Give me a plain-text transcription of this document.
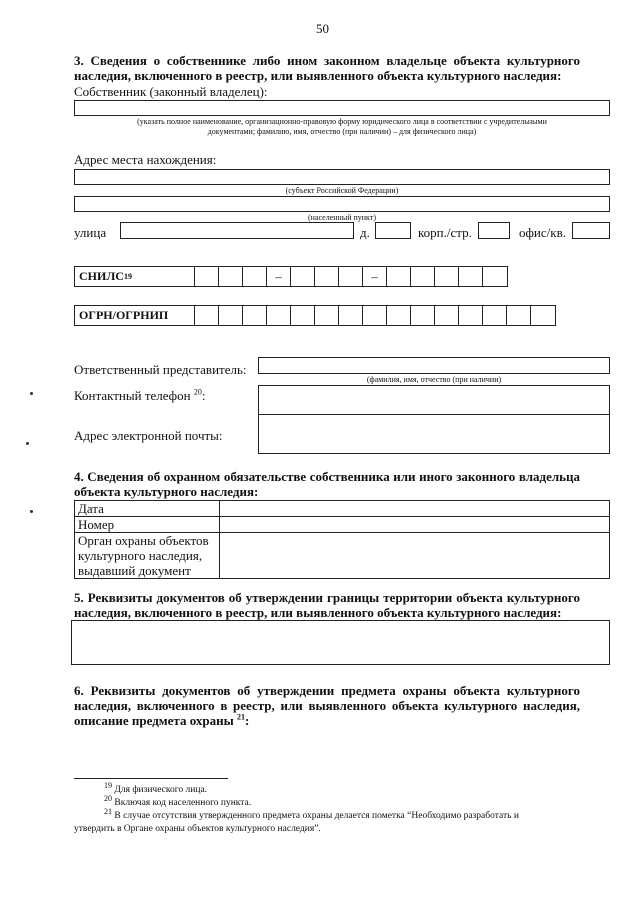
50
3. Сведения о собственнике либо ином законном владельце объекта культурного наследия, включенного в реестр, или выявленного объекта культурного наследия:
Собственник (законный владелец):
(указать полное наименование, организационно-правовую форму юридического лица в соответствии с учредительными
документами; фамилию, имя, отчество (при наличии) – для физического лица)
Адрес места нахождения:
(субъект Российской Федерации)
(населенный пункт)
улица	д.	корп./стр.	офис/кв.
СНИЛС 19	–	–
ОГРН/ОГРНИП
Ответственный представитель:
(фамилия, имя, отчество (при наличии)
Контактный телефон $^{20}$:
Адрес электронной почты:
4. Сведения об охранном обязательстве собственника или иного законного владельца объекта культурного наследия:
Дата	
Номер	

Орган охраны объектов
культурного наследия,
выдавший документ	

5. Реквизиты документов об утверждении границы территории объекта культурного наследия, включенного в реестр, или выявленного объекта культурного наследия:
6. Реквизиты документов об утверждении предмета охраны объекта культурного наследия, включенного в реестр, или выявленного объекта культурного наследия, описание предмета охраны $^{21}$:
$^{19}$ Для физического лица.
$^{20}$ Включая код населенного пункта.
$^{21}$ В случае отсутствия утвержденного предмета охраны делается пометка “Необходимо разработать и
утвердить в Органе охраны объектов культурного наследия”.
